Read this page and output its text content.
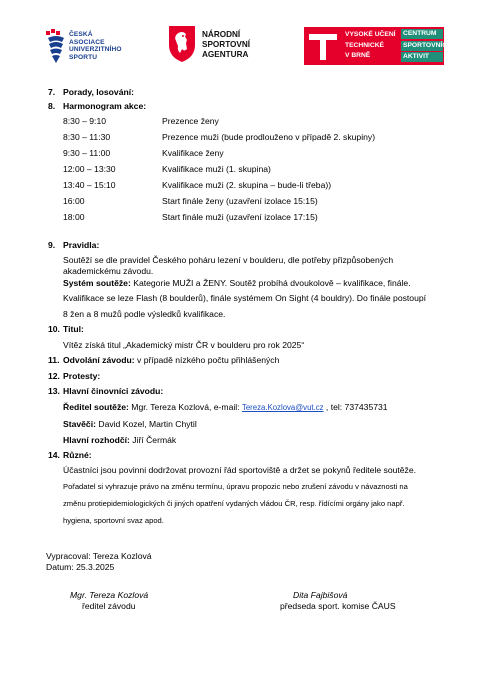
ČESKÁ
ASOCIACE
UNIVERZITNÍHO
SPORTU
NÁRODNÍ
SPORTOVNÍ
AGENTURA
VYSOKÉ UČENÍ
TECHNICKÉ
V BRNĚ
CENTRUM
SPORTOVNÍCH
AKTIVIT
7. Porady, losování:
8. Harmonogram akce:
8:30 – 9:10	Prezence ženy
8:30 – 11:30	Prezence muži (bude prodlouženo v případě 2. skupiny)
9:30 – 11:00	Kvalifikace ženy
12:00 – 13:30	Kvalifikace muži (1. skupina)
13:40 – 15:10	Kvalifikace muži (2. skupina – bude-li třeba))
16:00	Start finále ženy (uzavření izolace 15:15)
18:00	Start finále muži (uzavření izolace 17:15)
9. Pravidla:
Soutěží se dle pravidel Českého poháru lezení v boulderu, dle potřeby přizpůsobených
akademickému závodu.
Systém soutěže: Kategorie MUŽI a ŽENY. Soutěž probíhá dvoukolově – kvalifikace, finále.
Kvalifikace se leze Flash (8 boulderů), finále systémem On Sight (4 bouldry). Do finále postoupí
8 žen a 8 mužů podle výsledků kvalifikace.
10. Titul:
Vítěz získá titul „Akademický mistr ČR v boulderu pro rok 2025“
11. Odvolání závodu: v případě nízkého počtu přihlášených
12. Protesty:
13. Hlavní činovníci závodu:
Ředitel soutěže: Mgr. Tereza Kozlová, e-mail: Tereza.Kozlova@vut.cz , tel: 737435731
Stavěči: David Kozel, Martin Chytil
Hlavní rozhodčí: Jiří Čermák
14. Různé:
Účastníci jsou povinni dodržovat provozní řád sportoviště a držet se pokynů ředitele soutěže.
Pořadatel si vyhrazuje právo na změnu termínu, úpravu propozic nebo zrušení závodu v návaznosti na
změnu protiepidemiologických či jiných opatření vydaných vládou ČR, resp. řídícími orgány jako např.
hygiena, sportovní svaz apod.
Vypracoval: Tereza Kozlová
Datum: 25.3.2025
Mgr. Tereza Kozlová
ředitel závodu
Dita Fajbišová
předseda sport. komise ČAUS
